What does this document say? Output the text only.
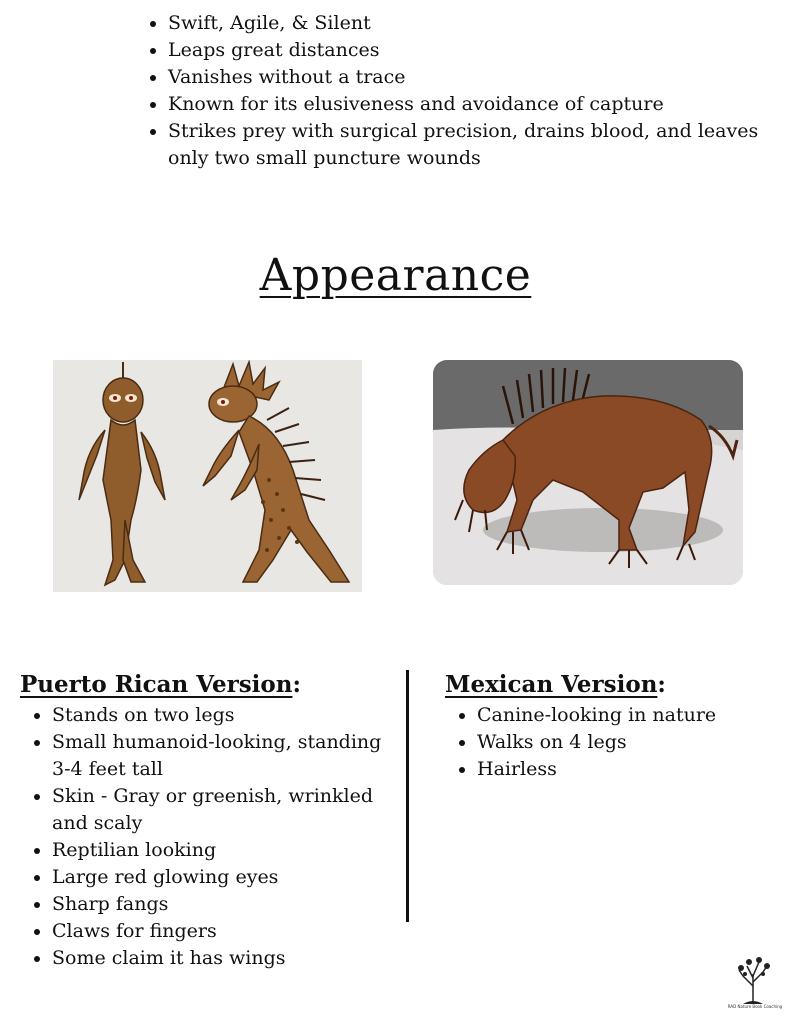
• Swift, Agile, & Silent
• Leaps great distances
• Vanishes without a trace
• Known for its elusiveness and avoidance of capture
• Strikes prey with surgical precision, drains blood, and leaves only two small puncture wounds
Appearance
Puerto Rican Version:
• Stands on two legs
• Small humanoid-looking, standing 3-4 feet tall
• Skin - Gray or greenish, wrinkled and scaly
• Reptilian looking
• Large red glowing eyes
• Sharp fangs
• Claws for fingers
• Some claim it has wings
Mexican Version:
• Canine-looking in nature
• Walks on 4 legs
• Hairless
RAD Nature Book Coaching
